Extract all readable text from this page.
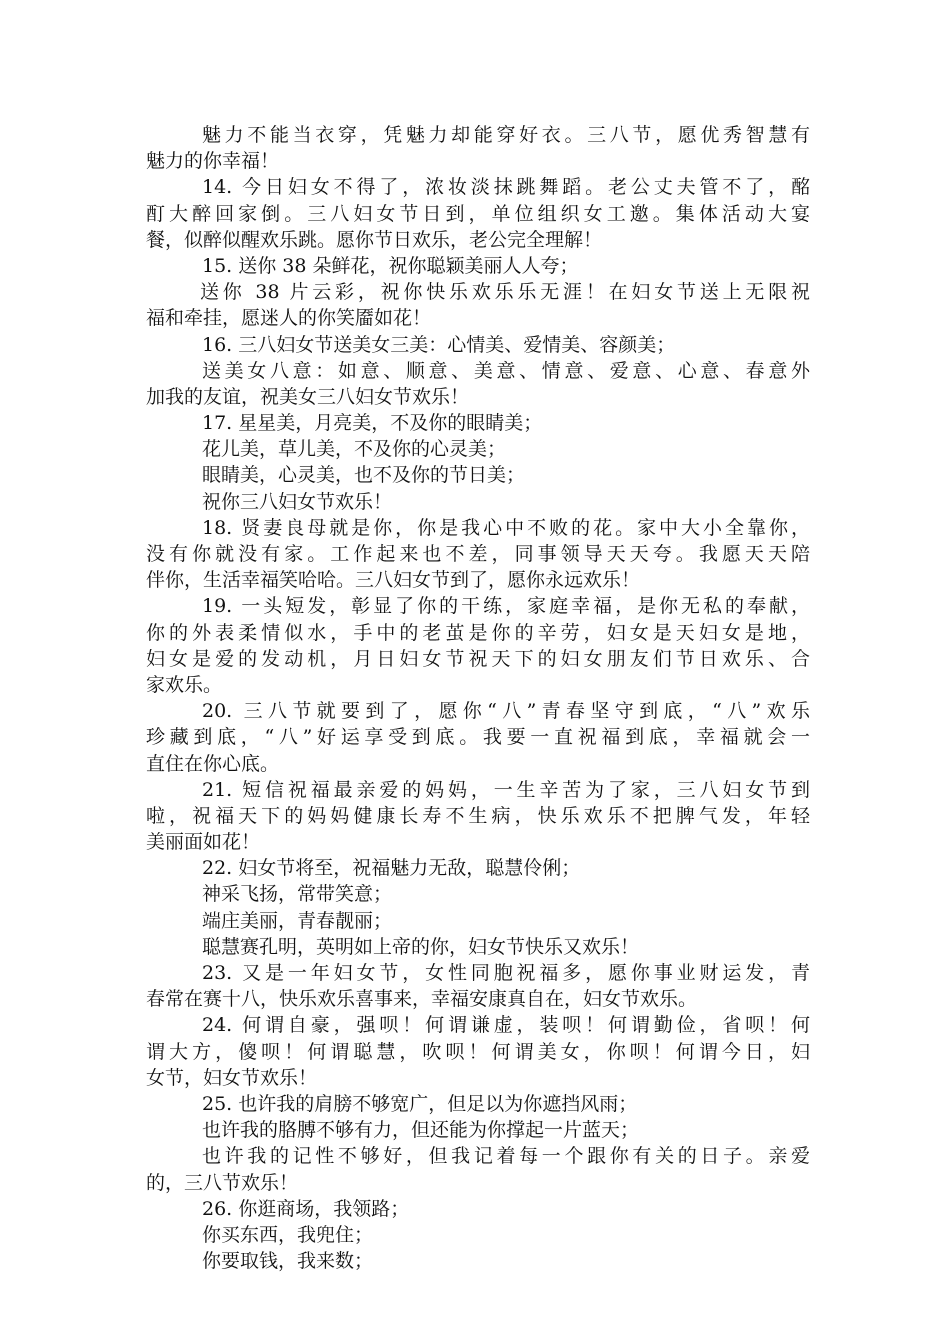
魅力不能当衣穿，凭魅力却能穿好衣。三八节，愿优秀智慧有
魅力的你幸福！
14. 今日妇女不得了，浓妆淡抹跳舞蹈。老公丈夫管不了，酩
酊大醉回家倒。三八妇女节日到，单位组织女工邀。集体活动大宴
餐，似醉似醒欢乐跳。愿你节日欢乐，老公完全理解！
15. 送你 38 朵鲜花，祝你聪颖美丽人人夸；
送你 38 片云彩，祝你快乐欢乐乐无涯！在妇女节送上无限祝
福和牵挂，愿迷人的你笑靥如花！
16. 三八妇女节送美女三美：心情美、爱情美、容颜美；
送美女八意：如意、顺意、美意、情意、爱意、心意、春意外
加我的友谊，祝美女三八妇女节欢乐！
17. 星星美，月亮美，不及你的眼睛美；
花儿美，草儿美，不及你的心灵美；
眼睛美，心灵美，也不及你的节日美；
祝你三八妇女节欢乐！
18. 贤妻良母就是你，你是我心中不败的花。家中大小全靠你，
没有你就没有家。工作起来也不差，同事领导天天夸。我愿天天陪
伴你，生活幸福笑哈哈。三八妇女节到了，愿你永远欢乐！
19. 一头短发，彰显了你的干练，家庭幸福，是你无私的奉献，
你的外表柔情似水，手中的老茧是你的辛劳，妇女是天妇女是地，
妇女是爱的发动机，月日妇女节祝天下的妇女朋友们节日欢乐、合
家欢乐。
20. 三八节就要到了，愿你“八”青春坚守到底，“八”欢乐
珍藏到底，“八”好运享受到底。我要一直祝福到底，幸福就会一
直住在你心底。
21. 短信祝福最亲爱的妈妈，一生辛苦为了家，三八妇女节到
啦，祝福天下的妈妈健康长寿不生病，快乐欢乐不把脾气发，年轻
美丽面如花！
22. 妇女节将至，祝福魅力无敌，聪慧伶俐；
神采飞扬，常带笑意；
端庄美丽，青春靓丽；
聪慧赛孔明，英明如上帝的你，妇女节快乐又欢乐！
23. 又是一年妇女节，女性同胞祝福多，愿你事业财运发，青
春常在赛十八，快乐欢乐喜事来，幸福安康真自在，妇女节欢乐。
24. 何谓自豪，强呗！何谓谦虚，装呗！何谓勤俭，省呗！何
谓大方，傻呗！何谓聪慧，吹呗！何谓美女，你呗！何谓今日，妇
女节，妇女节欢乐！
25. 也许我的肩膀不够宽广，但足以为你遮挡风雨；
也许我的胳膊不够有力，但还能为你撑起一片蓝天；
也许我的记性不够好，但我记着每一个跟你有关的日子。亲爱
的，三八节欢乐！
26. 你逛商场，我领路；
你买东西，我兜住；
你要取钱，我来数；
